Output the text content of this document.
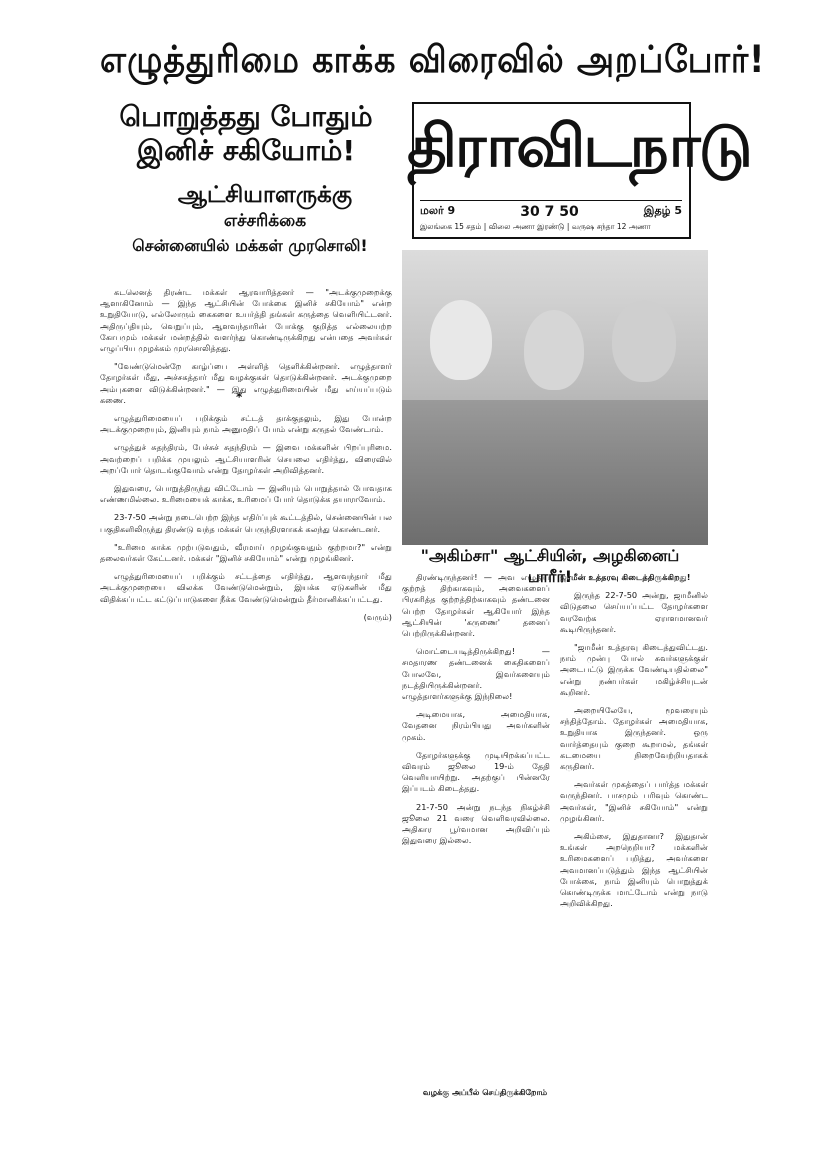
எழுத்துரிமை காக்க விரைவில் அறப்போர்!
பொறுத்தது போதும்
இனிச் சகியோம்!
ஆட்சியாளருக்கு
எச்சரிக்கை
சென்னையில் மக்கள் முரசொலி!
திராவிடநாடு
மலர் 9	30 7 50	இதழ் 5
இலங்கை 15 சதம் | விலை அணா இரண்டு | வருஷ சந்தா 12 அணா
"அகிம்சா" ஆட்சியின், அழகினைப் பாரீர்!

கடலெனத் திரண்ட மக்கள் ஆரவாரித்தனர் — "அடக்குமுறைக்கு ஆளாகினோம் — இந்த ஆட்சியின் போக்கை இனிச் சகியோம்" என்ற உறுதியோடு, எல்லோரும் கைகளை உயர்த்தி தங்கள் கருத்தை வெளியிட்டனர். அதிருப்தியும், வெறுப்பும், ஆளவந்தாரின் போக்கு குறித்த எல்லையற்ற கோபமும் மக்கள் மன்றத்தில் வளர்ந்து கொண்டிருக்கிறது என்பதை அவர்கள் எழுப்பிய முழக்கம் முரசொலித்தது.

"வேண்டுமென்றே காழ்ப்பை அள்ளித் தெளிக்கின்றனர். எழுத்தாளர் தோழர்கள் மீது, அச்சகத்தார் மீது வழக்குகள் தொடுக்கின்றனர். அடக்குமுறை அம்புகளை விடுக்கின்றனர்." — இது எழுத்துரிமையின் மீது எய்யப்படும் கணை.

எழுத்துரிமையைப் பறிக்கும் சட்டத் தாக்குதலும், இது போன்ற அடக்குமுறையும், இனியும் நாம் அனுமதிப் போம் என்று கருதல் வேண்டாம்.

எழுத்துச் சுதந்திரம், பேச்சுச் சுதந்திரம் — இவை மக்களின் பிறப்புரிமை. அவற்றைப் பறிக்க முயலும் ஆட்சியாளரின் செயலை எதிர்த்து, விரைவில் அறப்போர் தொடங்குவோம் என்று தோழர்கள் அறிவித்தனர்.

இதுவரை, பொறுத்திருந்து விட்டோம் — இனியும் பொறுத்தால் போவதாக எண்ணமில்லை. உரிமையைக் காக்க, உரிமைப் போர் தொடுக்க தயாராவோம்.

23-7-50 அன்று நடைபெற்ற இந்த எதிர்ப்புக் கூட்டத்தில், சென்னையின் பல பகுதிகளிலிருந்து திரண்டு வந்த மக்கள் பெருந்திரளாகக் கலந்து கொண்டனர்.

"உரிமை காக்க முற்படுவதும், வீரமாய் முழங்குவதும் குற்றமா?" என்று தலைவர்கள் கேட்டனர். மக்கள் "இனிச் சகியோம்" என்று முழங்கினர்.

எழுத்துரிமையைப் பறிக்கும் சட்டத்தை எதிர்த்து, ஆளவந்தார் மீது அடக்குமுறையை விலக்க வேண்டுமென்றும், இயக்க ஏடுகளின் மீது விதிக்கப்பட்ட கட்டுப்பாடுகளை நீக்க வேண்டுமென்றும் தீர்மானிக்கப்பட்டது.

(வரும்)

*

திரண்டிருந்தனர்! — அவ எழுதிய குற்றத் திற்காகவும், அவைகளைப் பிரசுரித்த குற்றத்திற்காகவும் தண்டனை பெற்ற தோழர்கள் ஆகியோர் இந்த ஆட்சியின் 'கருணை' தனைப் பெற்றிருக்கின்றனர்.

மொட்டையடித்திருக்கிறது! — சமதாரண தண்டனைக் கைதிகளைப் போலவே, இவர்களையும் நடத்தியிருக்கின்றனர். எழுத்தாளர்களுக்கு இந்நிலை!

அடிமையாக, அமைதியாக, வேதனை நிரம்பியது அவர்களின் முகம்.

தோழர்களுக்கு முடியிறக்கப்பட்ட விவரம் ஜூலை 19-ம் தேதி வெளியாயிற்று. அதற்குப் பின்னரே இப்படம் கிடைத்தது.

21-7-50 அன்று நடந்த நிகழ்ச்சி ஜூலை 21 வரை வெளிவரவில்லை. அதிகார பூர்வமான அறிவிப்பும் இதுவரை இல்லை.

வழக்கு அப்பீல் செய்திருக்கிறோம்

ஜாமீன் உத்தரவு கிடைத்திருக்கிறது!

இருந்த 22-7-50 அன்று, ஜாமீனில் விடுதலை செய்யப்பட்ட தோழர்களை வரவேற்க ஏராளமானவர் கூடியிருந்தனர்.

"ஜாமீன் உத்தரவு கிடைத்துவிட்டது. நாம் முன்பு போல் சுவர்களுக்குள் அடைபட்டு இருக்க வேண்டியதில்லை" என்று நண்பர்கள் மகிழ்ச்சியுடன் கூறினர்.

அறையிலேயே, மூவரையும் சந்தித்தோம். தோழர்கள் அமைதியாக, உறுதியாக இருந்தனர். ஒரு வார்த்தையும் குறை கூறாமல், தங்கள் கடமையை நிறைவேற்றியதாகக் கருதினர்.

அவர்கள் முகத்தைப் பார்த்த மக்கள் வருந்தினர். பாசமும் பரிவும் கொண்ட அவர்கள், "இனிச் சகியோம்" என்று முழங்கினர்.

அகிம்சை, இதுதானா? இதுதான் உங்கள் அறநெறியா? மக்களின் உரிமைகளைப் பறித்து, அவர்களை அவமானப்படுத்தும் இந்த ஆட்சியின் போக்கை, நாம் இனியும் பொறுத்துக் கொண்டிருக்க மாட்டோம் என்று நாடு அறிவிக்கிறது.
